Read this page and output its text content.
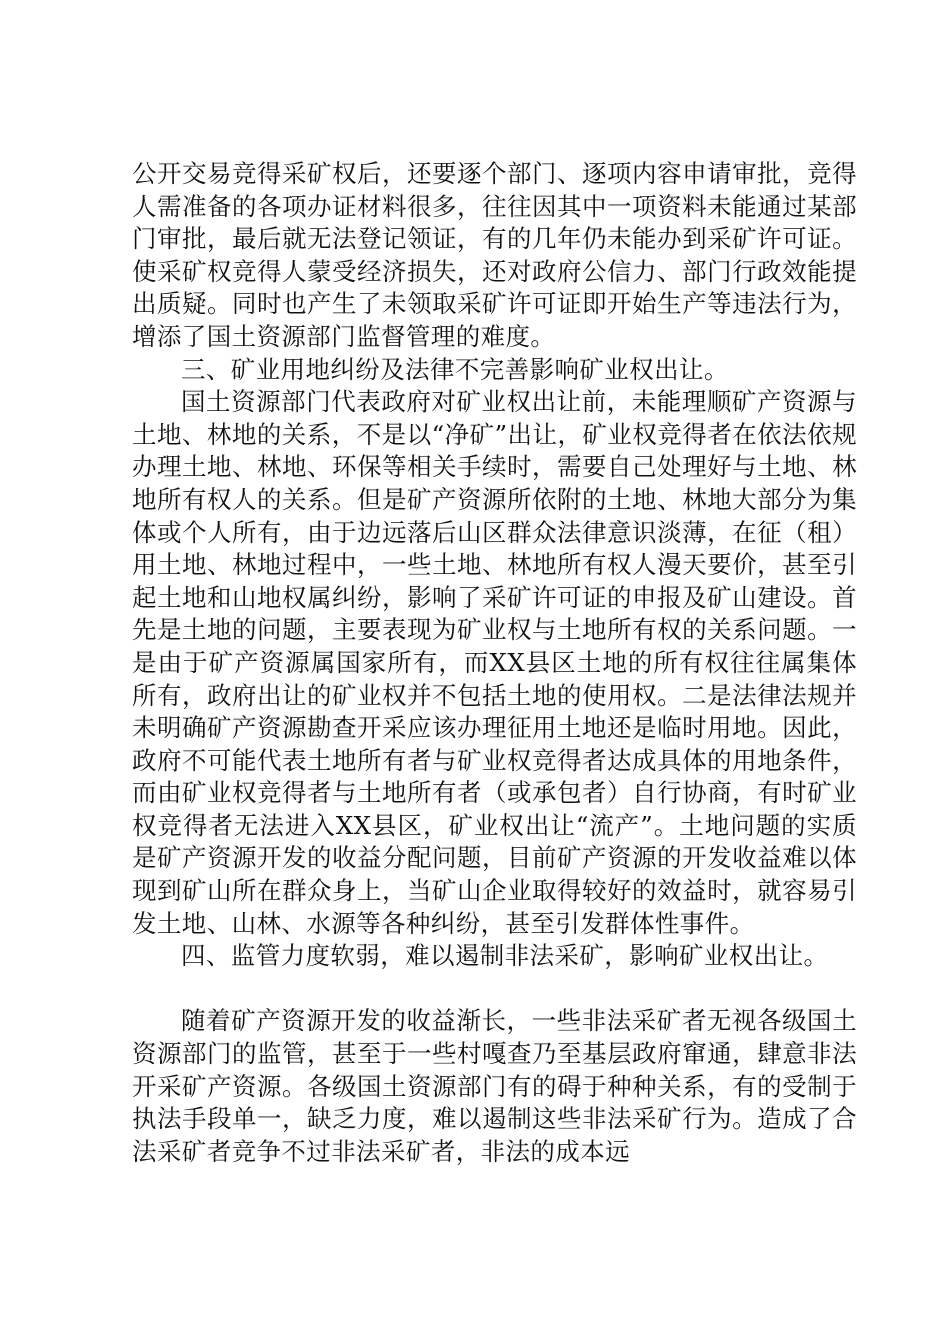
公开交易竞得采矿权后，还要逐个部门、逐项内容申请审批，竞得人需准备的各项办证材料很多，往往因其中一项资料未能通过某部门审批，最后就无法登记领证，有的几年仍未能办到采矿许可证。使采矿权竞得人蒙受经济损失，还对政府公信力、部门行政效能提出质疑。同时也产生了未领取采矿许可证即开始生产等违法行为，增添了国土资源部门监督管理的难度。

三、矿业用地纠纷及法律不完善影响矿业权出让。

国土资源部门代表政府对矿业权出让前，未能理顺矿产资源与土地、林地的关系，不是以“净矿”出让，矿业权竞得者在依法依规办理土地、林地、环保等相关手续时，需要自己处理好与土地、林地所有权人的关系。但是矿产资源所依附的土地、林地大部分为集体或个人所有，由于边远落后山区群众法律意识淡薄，在征（租）用土地、林地过程中，一些土地、林地所有权人漫天要价，甚至引起土地和山地权属纠纷，影响了采矿许可证的申报及矿山建设。首先是土地的问题，主要表现为矿业权与土地所有权的关系问题。一是由于矿产资源属国家所有，而XX县区土地的所有权往往属集体所有，政府出让的矿业权并不包括土地的使用权。二是法律法规并未明确矿产资源勘查开采应该办理征用土地还是临时用地。因此，政府不可能代表土地所有者与矿业权竞得者达成具体的用地条件，而由矿业权竞得者与土地所有者（或承包者）自行协商，有时矿业权竞得者无法进入XX县区，矿业权出让“流产”。土地问题的实质是矿产资源开发的收益分配问题，目前矿产资源的开发收益难以体现到矿山所在群众身上，当矿山企业取得较好的效益时，就容易引发土地、山林、水源等各种纠纷，甚至引发群体性事件。

四、监管力度软弱，难以遏制非法采矿，影响矿业权出让。

随着矿产资源开发的收益渐长，一些非法采矿者无视各级国土资源部门的监管，甚至于一些村嘎查乃至基层政府窜通，肆意非法开采矿产资源。各级国土资源部门有的碍于种种关系，有的受制于执法手段单一，缺乏力度，难以遏制这些非法采矿行为。造成了合法采矿者竞争不过非法采矿者，非法的成本远
